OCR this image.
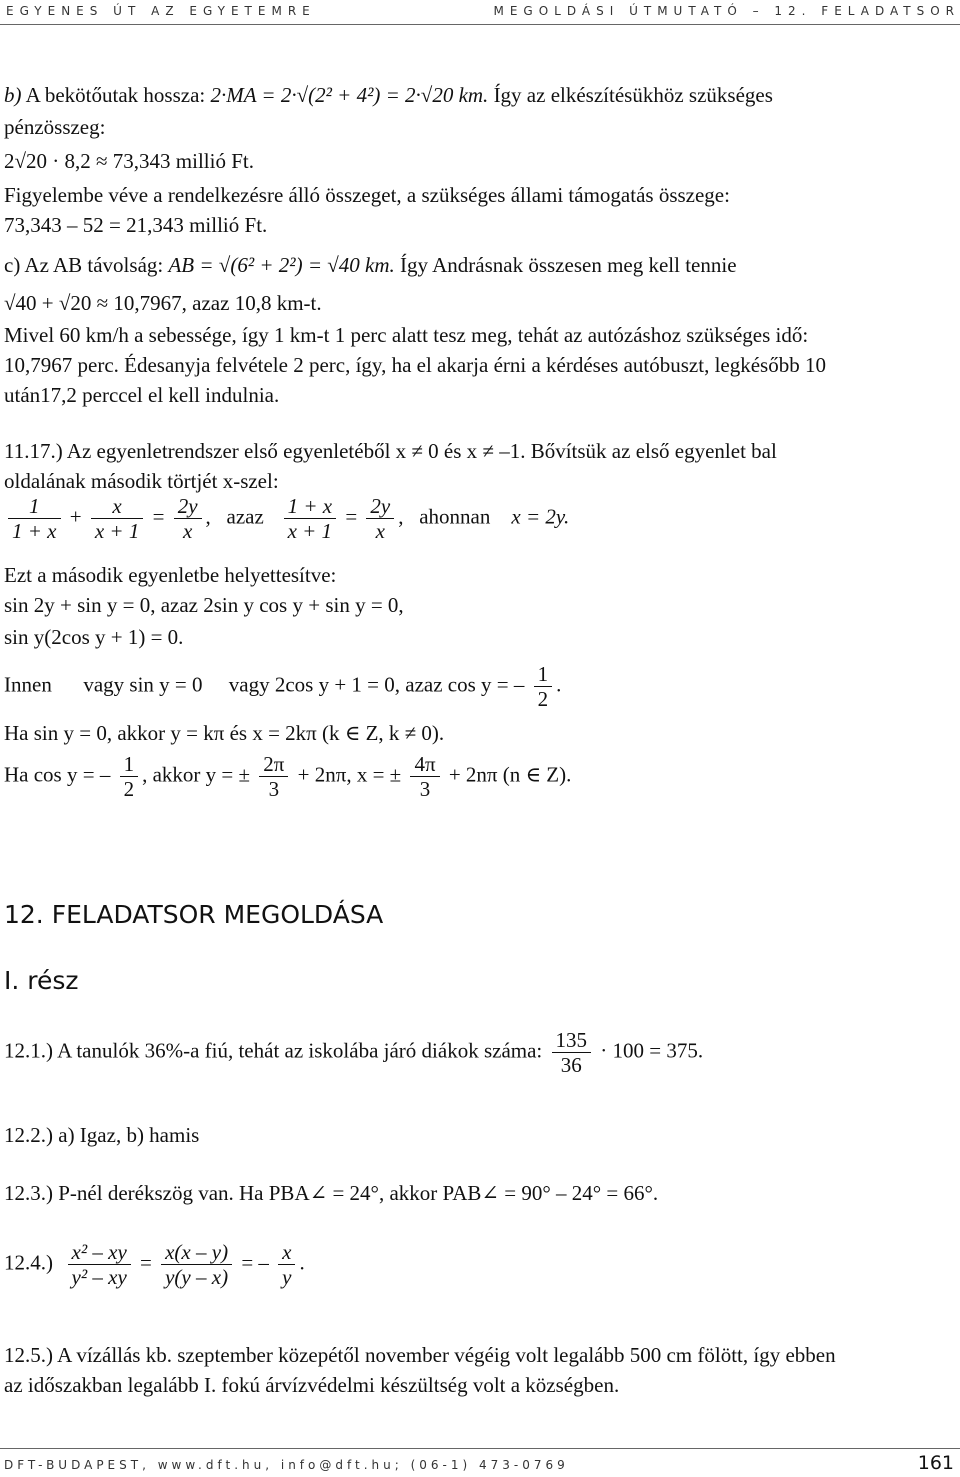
EGYENES ÚT AZ EGYETEMRE	MEGOLDÁSI ÚTMUTATÓ – 12. FELADATSOR
b) A bekötőutak hossza: 2·MA = 2·√(2² + 4²) = 2·√20 km. Így az elkészítésükhöz szükséges
pénzösszeg:
2√20 · 8,2 ≈ 73,343 millió Ft.
Figyelembe véve a rendelkezésre álló összeget, a szükséges állami támogatás összege:
73,343 – 52 = 21,343 millió Ft.
c) Az AB távolság: AB = √(6² + 2²) = √40 km. Így Andrásnak összesen meg kell tennie
√40 + √20 ≈ 10,7967, azaz 10,8 km-t.
Mivel 60 km/h a sebessége, így 1 km-t 1 perc alatt tesz meg, tehát az autózáshoz szükséges idő:
10,7967 perc. Édesanyja felvétele 2 perc, így, ha el akarja érni a kérdéses autóbuszt, legkésőbb 10
után17,2 perccel el kell indulnia.
11.17.) Az egyenletrendszer első egyenletéből x ≠ 0 és x ≠ –1. Bővítsük az első egyenlet bal
oldalának második törtjét x-szel:
$\frac{1}{1 + x} + \frac{x}{x + 1} = \frac{2y}{x}$ ,   azaz $\frac{1 + x}{x + 1} = \frac{2y}{x}$ ,   ahonnan x = 2y.
Ezt a második egyenletbe helyettesítve:
sin 2y + sin y = 0, azaz 2sin y cos y + sin y = 0,
sin y(2cos y + 1) = 0.
Innen vagy sin y = 0 vagy 2cos y + 1 = 0, azaz cos y = – $\frac{1}{2}$ .
Ha sin y = 0, akkor y = kπ és x = 2kπ (k ∈ Z, k ≠ 0).
Ha cos y = – $\frac{1}{2}$ , akkor y = ± $\frac{2\pi}{3} + 2n\pi$, x = ± $\frac{4\pi}{3} + 2n\pi$ (n ∈ Z).
12. FELADATSOR MEGOLDÁSA
I. rész
12.1.) A tanulók 36%-a fiú, tehát az iskolába járó diákok száma: $\frac{135}{36} \cdot 100 = 375$.
12.2.) a) Igaz, b) hamis
12.3.) P-nél derékszög van. Ha PBA∠ = 24°, akkor PAB∠ = 90° – 24° = 66°.
$12.4.) \frac{\text{x² – xy}}{\text{y² – xy}} = \frac{x(x - y)}{y(y - x)}$ = – $\frac{x}{y}$ .
12.5.) A vízállás kb. szeptember közepétől november végéig volt legalább 500 cm fölött, így ebben
az időszakban legalább I. fokú árvízvédelmi készültség volt a községben.
DFT-BUDAPEST, www.dft.hu, info@dft.hu; (06-1) 473-0769	161
